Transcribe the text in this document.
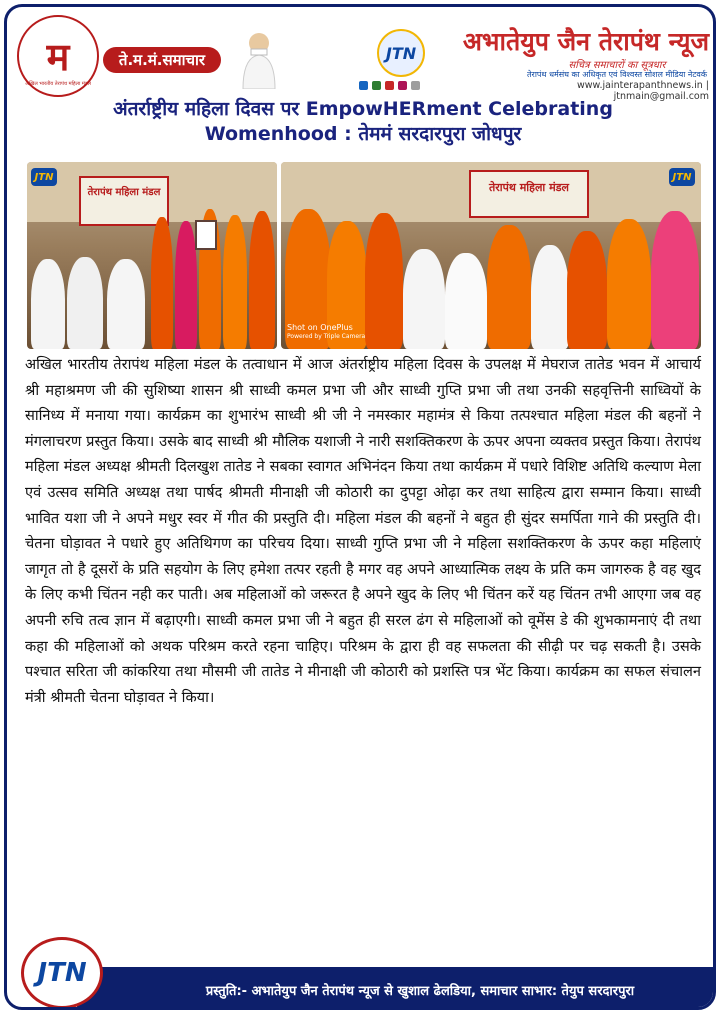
म
अखिल भारतीय तेरापंथ महिला मंडल
ते.म.मं.समाचार	JTN	अभातेयुप जैन तेरापंथ न्यूज
सचित्र समाचारों का सूत्रधार
तेरापंथ धर्मसंघ का अधिकृत एवं विश्वस्त सोशल मीडिया नेटवर्क
www.jainterapanthnews.in | jtnmain@gmail.com
अंतर्राष्ट्रीय महिला दिवस पर EmpowHERment Celebrating
Womenhood : तेममं सरदारपुरा जोधपुर
तेरापंथ महिला मंडल
JTN
तेरापंथ महिला मंडल
JTN
Shot on OnePlus
Powered by Triple Camera
अखिल भारतीय तेरापंथ महिला मंडल के तत्वाधान में आज अंतर्राष्ट्रीय महिला दिवस के उपलक्ष में मेघराज तातेड भवन में आचार्य श्री महाश्रमण जी की सुशिष्या शासन श्री साध्वी कमल प्रभा जी और साध्वी गुप्ति प्रभा जी तथा उनकी सहवृत्तिनी साध्वियों के सानिध्य में मनाया गया। कार्यक्रम का शुभारंभ साध्वी श्री जी ने नमस्कार महामंत्र से किया तत्पश्चात महिला मंडल की बहनों ने मंगलाचरण प्रस्तुत किया। उसके बाद साध्वी श्री मौलिक यशाजी ने नारी सशक्तिकरण के ऊपर अपना व्यक्तव प्रस्तुत किया। तेरापंथ महिला मंडल अध्यक्ष श्रीमती दिलखुश तातेड ने सबका स्वागत अभिनंदन किया तथा कार्यक्रम में पधारे विशिष्ट अतिथि कल्याण मेला एवं उत्सव समिति अध्यक्ष तथा पार्षद श्रीमती मीनाक्षी जी कोठारी का दुपट्टा ओढ़ा कर तथा साहित्य द्वारा सम्मान किया। साध्वी भावित यशा जी ने अपने मधुर स्वर में गीत की प्रस्तुति दी। महिला मंडल की बहनों ने बहुत ही सुंदर समर्पिता गाने की प्रस्तुति दी। चेतना घोड़ावत ने पधारे हुए अतिथिगण का परिचय दिया। साध्वी गुप्ति प्रभा जी ने महिला सशक्तिकरण के ऊपर कहा महिलाएं जागृत तो है दूसरों के प्रति सहयोग के लिए हमेशा तत्पर रहती है मगर वह अपने आध्यात्मिक लक्ष्य के प्रति कम जागरुक है वह खुद के लिए कभी चिंतन नही कर पाती। अब महिलाओं को जरूरत है अपने खुद के लिए भी चिंतन करें यह चिंतन तभी आएगा जब वह अपनी रुचि तत्व ज्ञान में बढ़ाएगी। साध्वी कमल प्रभा जी ने बहुत ही सरल ढंग से महिलाओं को वूमेंस डे की शुभकामनाएं दी तथा कहा की महिलाओं को अथक परिश्रम करते रहना चाहिए। परिश्रम के द्वारा ही वह सफलता की सीढ़ी पर चढ़ सकती है। उसके पश्चात सरिता जी कांकरिया तथा मौसमी जी तातेड ने मीनाक्षी जी कोठारी को प्रशस्ति पत्र भेंट किया। कार्यक्रम का सफल संचालन मंत्री श्रीमती चेतना घोड़ावत ने किया।
प्रस्तुति:- अभातेयुप जैन तेरापंथ न्यूज से खुशाल ढेलडिया, समाचार साभार: तेयुप सरदारपुरा
JTN
